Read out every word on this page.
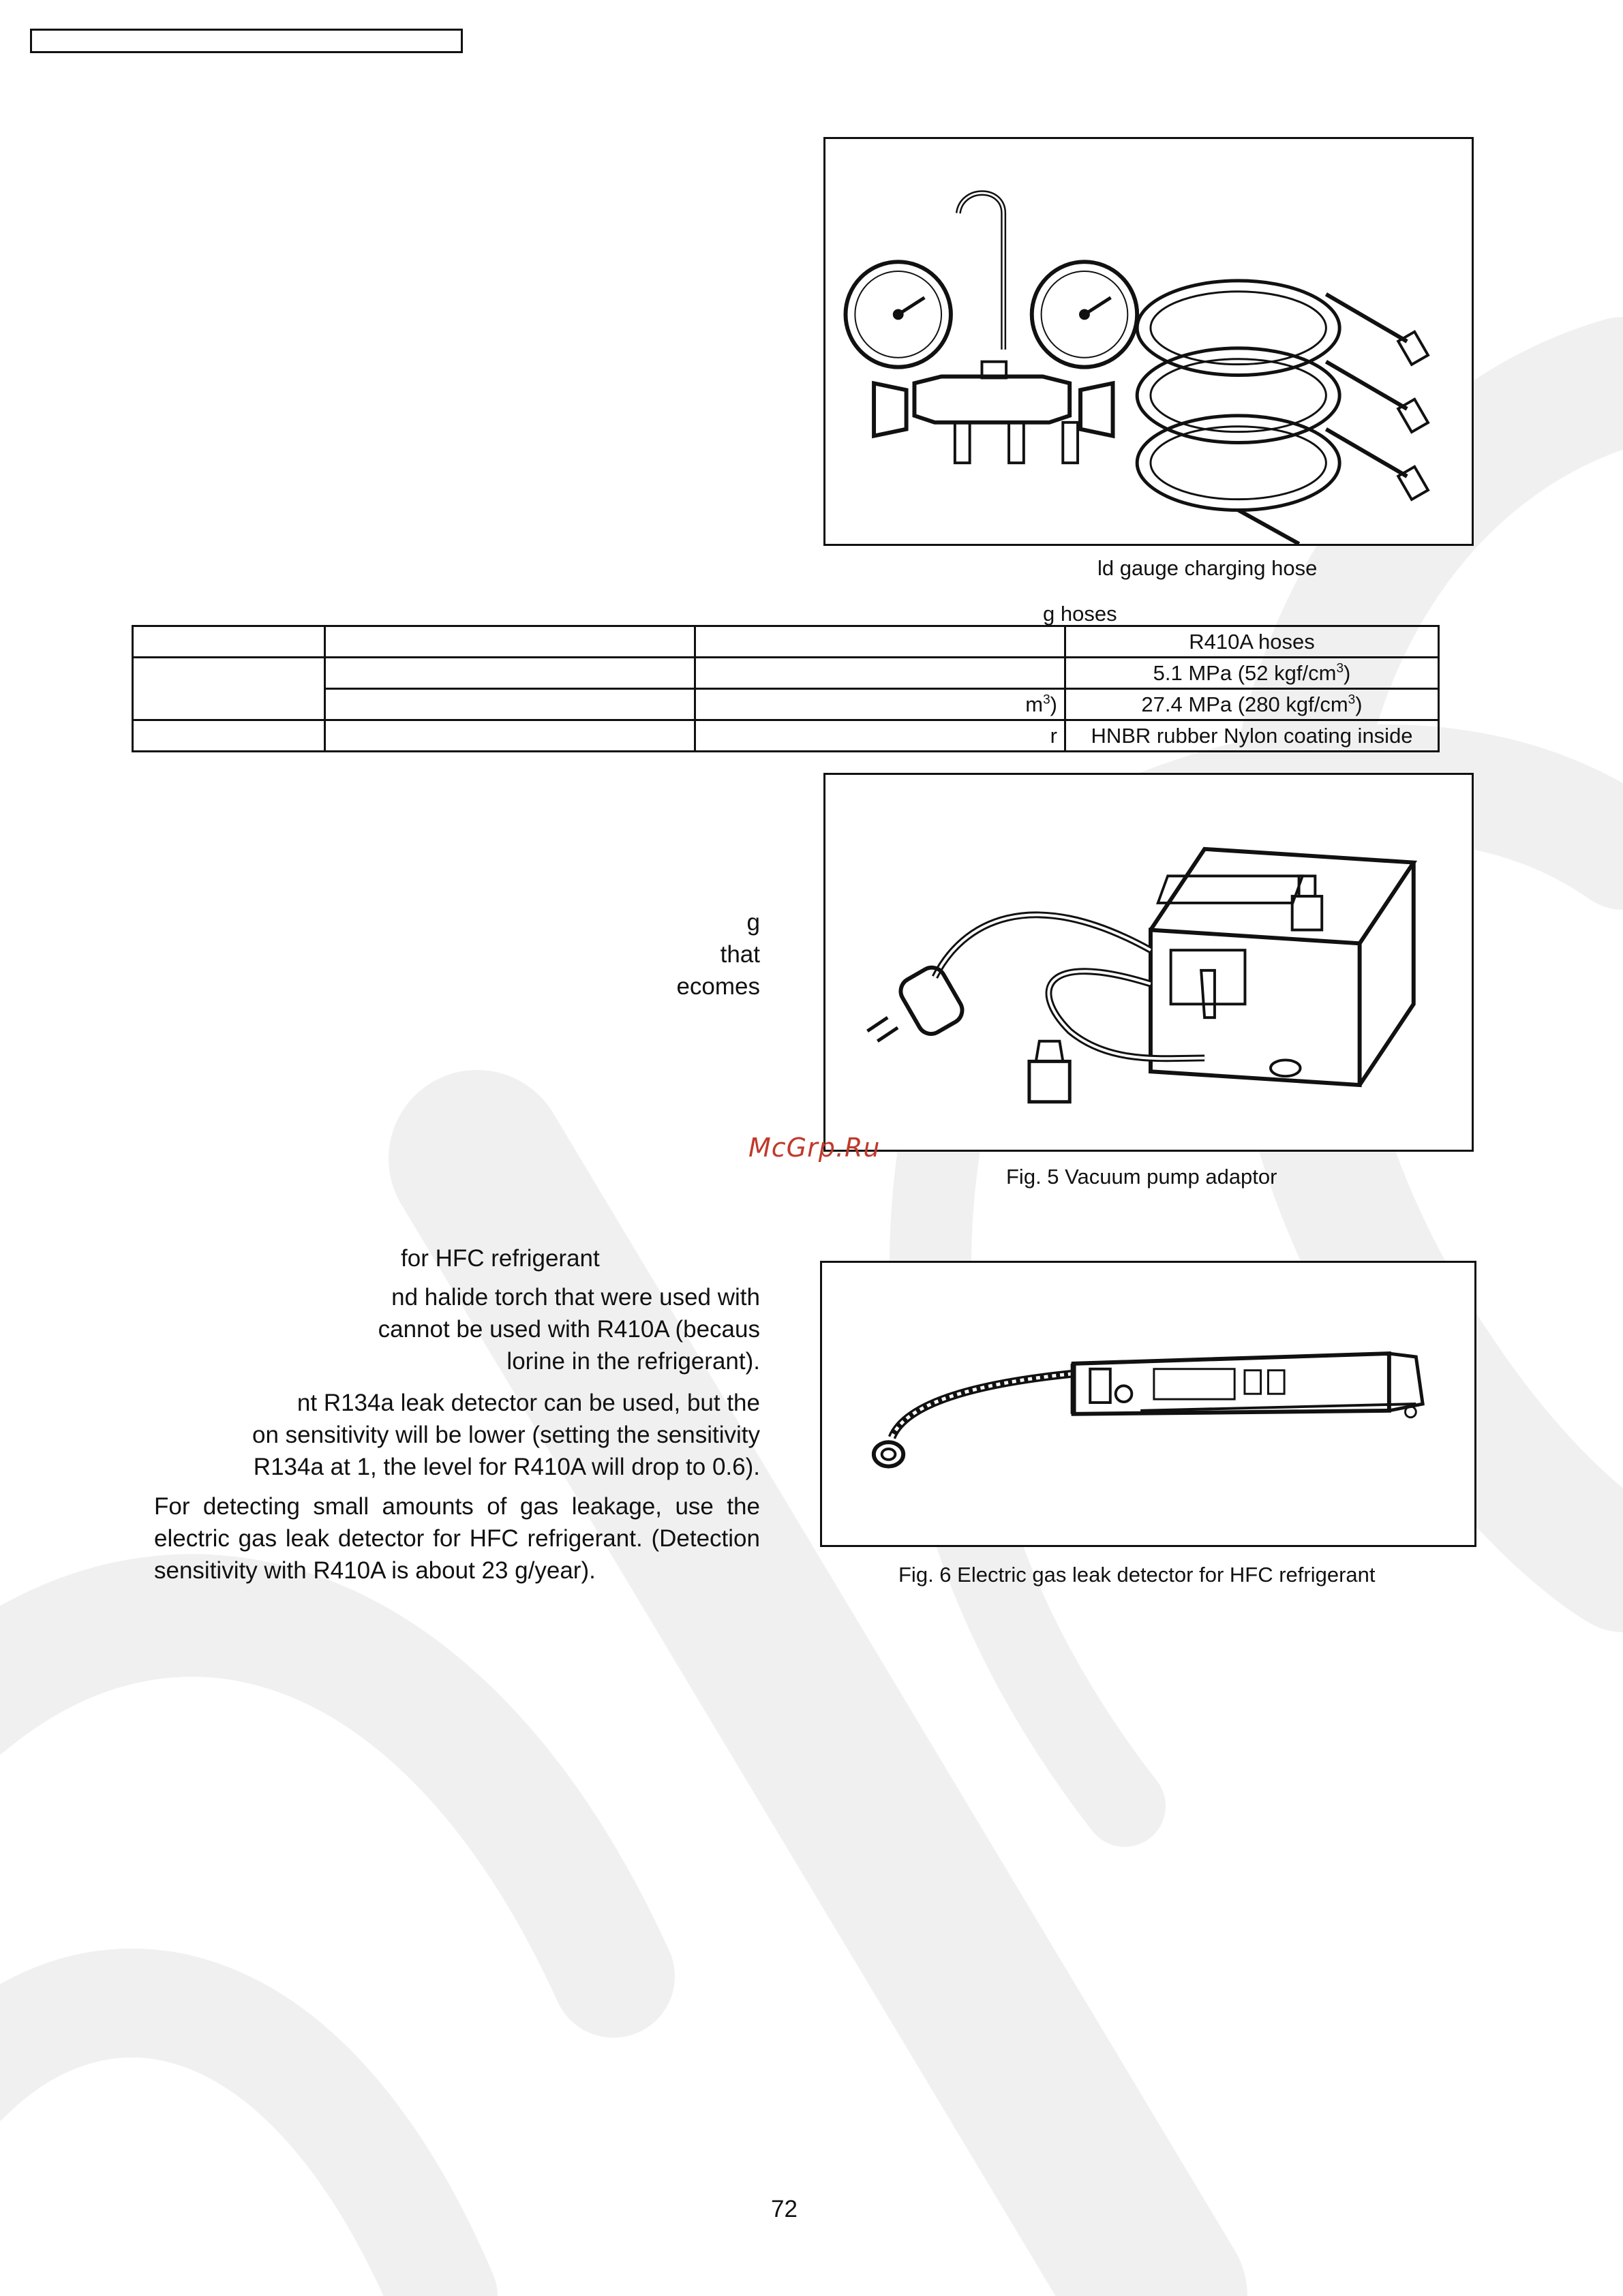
ld gauge charging hose
g hoses
			R410A hoses
			5.1 MPa (52 kgf/$cm^3$)
		$m^3$)	27.4 MPa (280 kgf/$cm^3$)
		r	HNBR rubber Nylon coating inside
g
that
ecomes
McGrp.Ru
Fig. 5 Vacuum pump adaptor
for HFC refrigerant
nd halide torch that were used with
cannot be used with R410A (becaus
lorine in the refrigerant).
nt R134a leak detector can be used, but the
on sensitivity will be lower (setting the sensitivity
R134a at 1, the level for R410A will drop to 0.6).
For detecting small amounts of gas leakage, use the
electric gas leak detector for HFC refrigerant. (Detection
sensitivity with R410A is about 23 g/year).	Fig. 6 Electric gas leak detector for HFC refrigerant
72
